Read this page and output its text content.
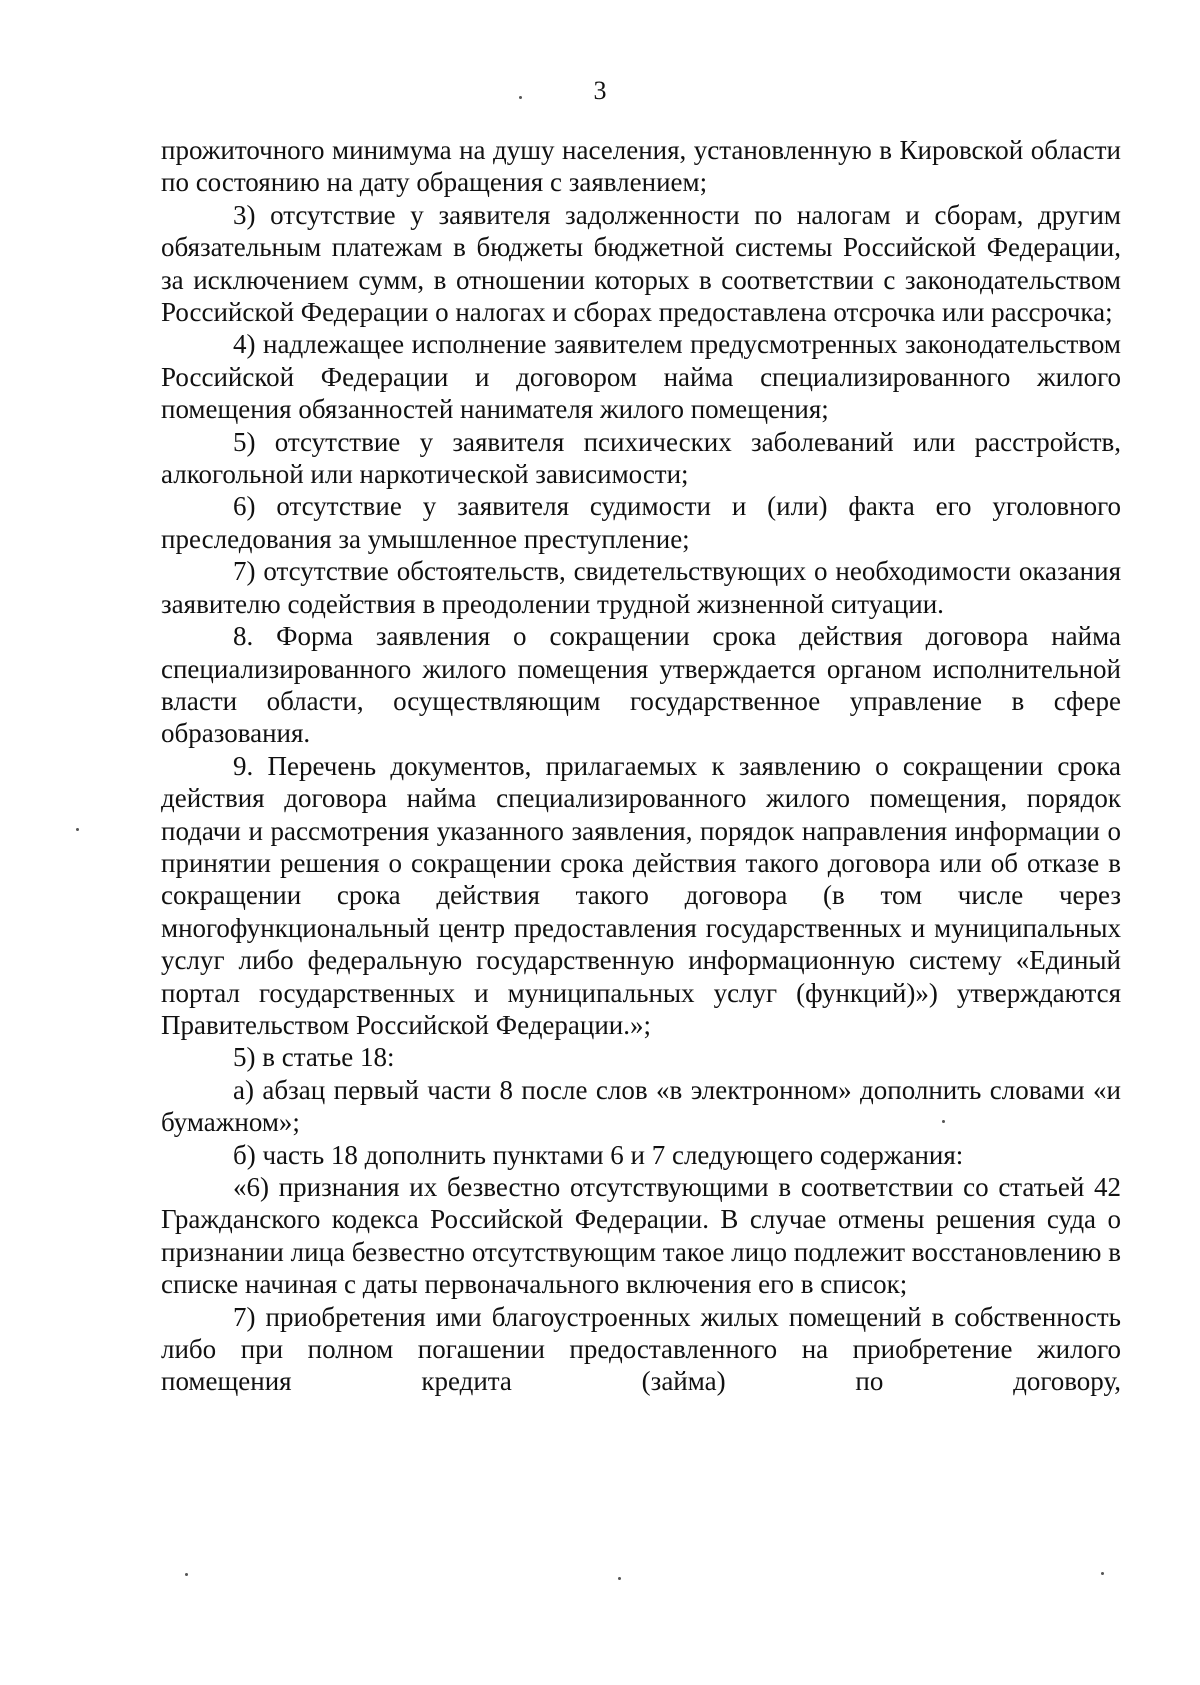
3

прожиточного минимума на душу населения, установленную в Кировской области по состоянию на дату обращения с заявлением;

3) отсутствие у заявителя задолженности по налогам и сборам, другим обязательным платежам в бюджеты бюджетной системы Российской Федерации, за исключением сумм, в отношении которых в соответствии с законодательством Российской Федерации о налогах и сборах предоставлена отсрочка или рассрочка;

4) надлежащее исполнение заявителем предусмотренных законодательством Российской Федерации и договором найма специализированного жилого помещения обязанностей нанимателя жилого помещения;

5) отсутствие у заявителя психических заболеваний или расстройств, алкогольной или наркотической зависимости;

6) отсутствие у заявителя судимости и (или) факта его уголовного преследования за умышленное преступление;

7) отсутствие обстоятельств, свидетельствующих о необходимости оказания заявителю содействия в преодолении трудной жизненной ситуации.

8. Форма заявления о сокращении срока действия договора найма специализированного жилого помещения утверждается органом исполнительной власти области, осуществляющим государственное управление в сфере образования.

9. Перечень документов, прилагаемых к заявлению о сокращении срока действия договора найма специализированного жилого помещения, порядок подачи и рассмотрения указанного заявления, порядок направления информации о принятии решения о сокращении срока действия такого договора или об отказе в сокращении срока действия такого договора (в том числе через многофункциональный центр предоставления государственных и муниципальных услуг либо федеральную государственную информационную систему «Единый портал государственных и муниципальных услуг (функций)») утверждаются Правительством Российской Федерации.»;

5) в статье 18:

а) абзац первый части 8 после слов «в электронном» дополнить словами «и бумажном»;

б) часть 18 дополнить пунктами 6 и 7 следующего содержания:

«6) признания их безвестно отсутствующими в соответствии со статьей 42 Гражданского кодекса Российской Федерации. В случае отмены решения суда о признании лица безвестно отсутствующим такое лицо подлежит восстановлению в списке начиная с даты первоначального включения его в список;

7) приобретения ими благоустроенных жилых помещений в собственность либо при полном погашении предоставленного на приобретение жилого помещения кредита (займа) по договору,
